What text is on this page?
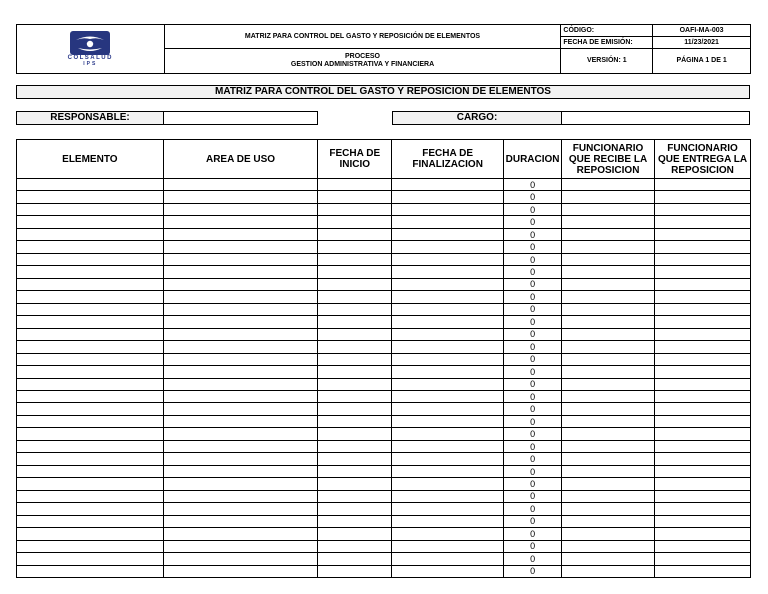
COLSALUD
IPS	MATRIZ PARA CONTROL DEL GASTO Y REPOSICIÓN DE ELEMENTOS	CÓDIGO:	OAFI-MA-003
		FECHA DE EMISIÓN:	11/23/2021

	PROCESO
GESTION ADMINISTRATIVA Y FINANCIERA	VERSIÓN: 1	PÁGINA 1 DE 1
MATRIZ PARA CONTROL DEL GASTO Y REPOSICION DE ELEMENTOS
RESPONSABLE:	CARGO:
ELEMENTO	AREA DE USO	FECHA DE INICIO	FECHA DE FINALIZACION	DURACION	FUNCIONARIO QUE RECIBE LA REPOSICION	FUNCIONARIO QUE ENTREGA LA REPOSICION
				0		
				0		
				0		
				0		
				0		
				0		
				0		
				0		
				0		
				0		
				0		
				0		
				0		
				0		
				0		
				0		
				0		
				0		
				0		
				0		
				0		
				0		
				0		
				0		
				0		
				0		
				0		
				0		
				0		
				0		
				0		
				0		
